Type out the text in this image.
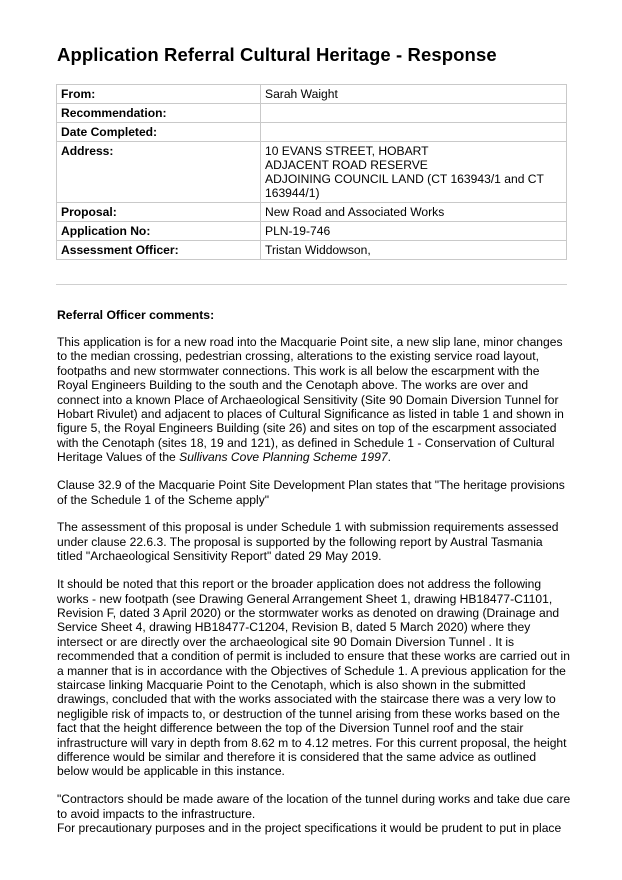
Application Referral Cultural Heritage - Response
From:	Sarah Waight
Recommendation:	
Date Completed:	
Address:	10 EVANS STREET, HOBART
ADJACENT ROAD RESERVE
ADJOINING COUNCIL LAND (CT 163943/1 and CT 163944/1)
Proposal:	New Road and Associated Works
Application No:	PLN-19-746
Assessment Officer:	Tristan Widdowson,
Referral Officer comments:

This application is for a new road into the Macquarie Point site, a new slip lane, minor changes to the median crossing, pedestrian crossing, alterations to the existing service road layout, footpaths and new stormwater connections. This work is all below the escarpment with the Royal Engineers Building to the south and the Cenotaph above. The works are over and connect into a known Place of Archaeological Sensitivity (Site 90 Domain Diversion Tunnel for Hobart Rivulet) and adjacent to places of Cultural Significance as listed in table 1 and shown in figure 5, the Royal Engineers Building (site 26) and sites on top of the escarpment associated with the Cenotaph (sites 18, 19 and 121), as defined in Schedule 1 - Conservation of Cultural Heritage Values of the Sullivans Cove Planning Scheme 1997.

Clause 32.9 of the Macquarie Point Site Development Plan states that "The heritage provisions of the Schedule 1 of the Scheme apply"

The assessment of this proposal is under Schedule 1 with submission requirements assessed under clause 22.6.3. The proposal is supported by the following report by Austral Tasmania titled "Archaeological Sensitivity Report" dated 29 May 2019.

It should be noted that this report or the broader application does not address the following works - new footpath (see Drawing General Arrangement Sheet 1, drawing HB18477-C1101, Revision F, dated 3 April 2020) or the stormwater works as denoted on drawing (Drainage and Service Sheet 4, drawing HB18477-C1204, Revision B, dated 5 March 2020) where they intersect or are directly over the archaeological site 90 Domain Diversion Tunnel . It is recommended that a condition of permit is included to ensure that these works are carried out in a manner that is in accordance with the Objectives of Schedule 1. A previous application for the staircase linking Macquarie Point to the Cenotaph, which is also shown in the submitted drawings, concluded that with the works associated with the staircase there was a very low to negligible risk of impacts to, or destruction of the tunnel arising from these works based on the fact that the height difference between the top of the Diversion Tunnel roof and the stair infrastructure will vary in depth from 8.62 m to 4.12 metres. For this current proposal, the height difference would be similar and therefore it is considered that the same advice as outlined below would be applicable in this instance.

"Contractors should be made aware of the location of the tunnel during works and take due care to avoid impacts to the infrastructure.

For precautionary purposes and in the project specifications it would be prudent to put in place
